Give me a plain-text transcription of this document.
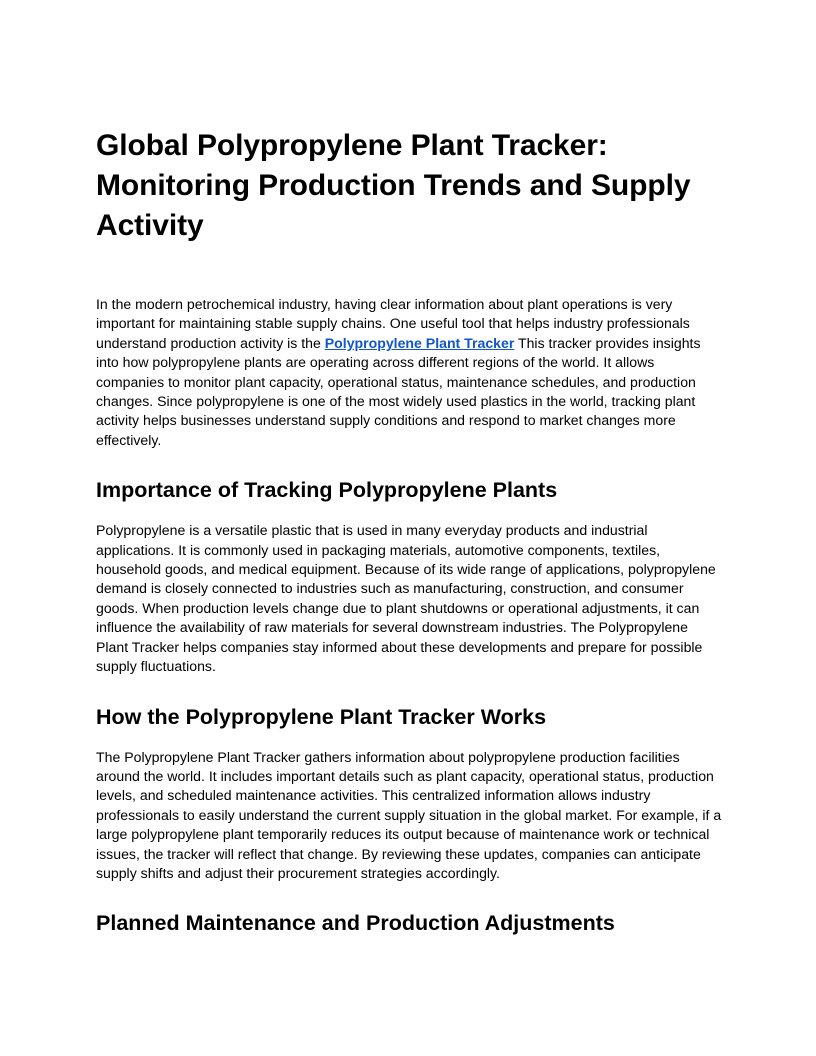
Global Polypropylene Plant Tracker: Monitoring Production Trends and Supply Activity

In the modern petrochemical industry, having clear information about plant operations is very important for maintaining stable supply chains. One useful tool that helps industry professionals understand production activity is the Polypropylene Plant Tracker This tracker provides insights into how polypropylene plants are operating across different regions of the world. It allows companies to monitor plant capacity, operational status, maintenance schedules, and production changes. Since polypropylene is one of the most widely used plastics in the world, tracking plant activity helps businesses understand supply conditions and respond to market changes more effectively.

Importance of Tracking Polypropylene Plants

Polypropylene is a versatile plastic that is used in many everyday products and industrial applications. It is commonly used in packaging materials, automotive components, textiles, household goods, and medical equipment. Because of its wide range of applications, polypropylene demand is closely connected to industries such as manufacturing, construction, and consumer goods. When production levels change due to plant shutdowns or operational adjustments, it can influence the availability of raw materials for several downstream industries. The Polypropylene Plant Tracker helps companies stay informed about these developments and prepare for possible supply fluctuations.

How the Polypropylene Plant Tracker Works

The Polypropylene Plant Tracker gathers information about polypropylene production facilities around the world. It includes important details such as plant capacity, operational status, production levels, and scheduled maintenance activities. This centralized information allows industry professionals to easily understand the current supply situation in the global market. For example, if a large polypropylene plant temporarily reduces its output because of maintenance work or technical issues, the tracker will reflect that change. By reviewing these updates, companies can anticipate supply shifts and adjust their procurement strategies accordingly.

Planned Maintenance and Production Adjustments
